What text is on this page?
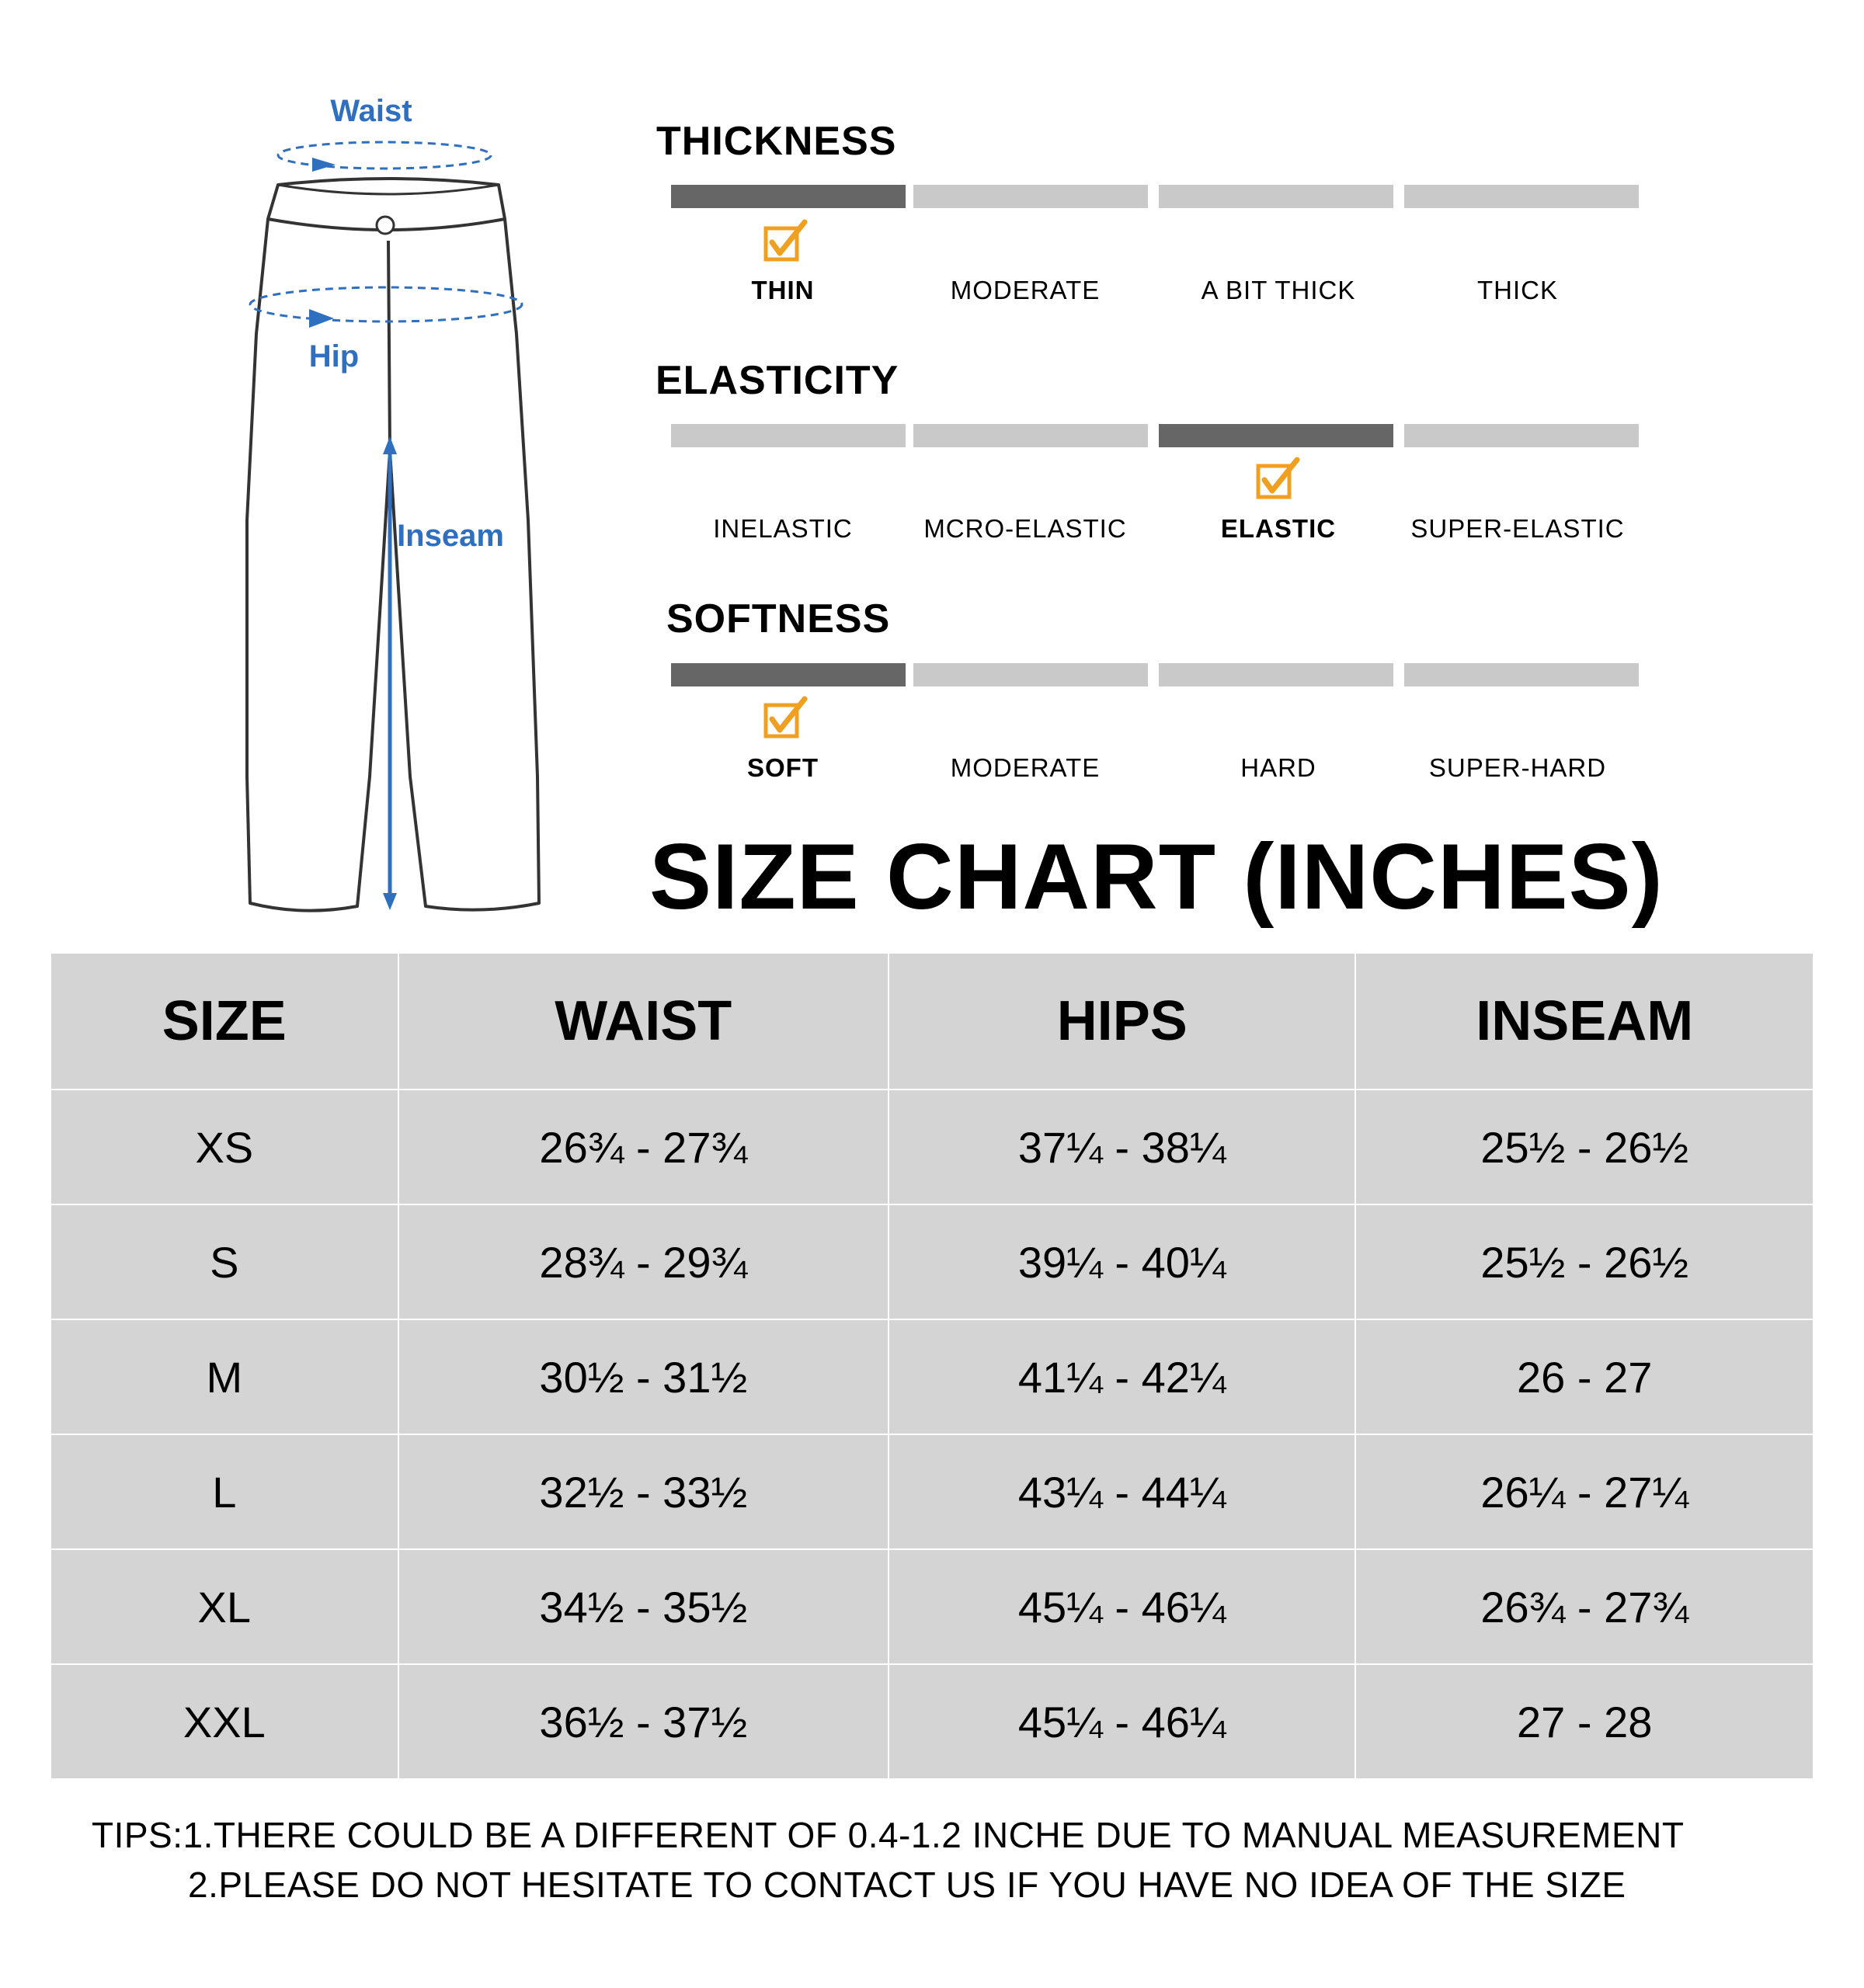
Waist
Hip
Inseam
THICKNESS
THIN	MODERATE	A BIT THICK	THICK
ELASTICITY
INELASTIC	MCRO-ELASTIC	ELASTIC	SUPER-ELASTIC
SOFTNESS
SOFT	MODERATE	HARD	SUPER-HARD
SIZE CHART (INCHES)
SIZE	WAIST	HIPS	INSEAM
XS	26¾ - 27¾	37¼ - 38¼	25½ - 26½
S	28¾ - 29¾	39¼ - 40¼	25½ - 26½
M	30½ - 31½	41¼ - 42¼	26 - 27
L	32½ - 33½	43¼ - 44¼	26¼ - 27¼
XL	34½ - 35½	45¼ - 46¼	26¾ - 27¾
XXL	36½ - 37½	45¼ - 46¼	27 - 28
TIPS:1.THERE COULD BE A DIFFERENT OF 0.4-1.2 INCHE DUE TO MANUAL MEASUREMENT
2.PLEASE DO NOT HESITATE TO CONTACT US IF YOU HAVE NO IDEA OF THE SIZE
